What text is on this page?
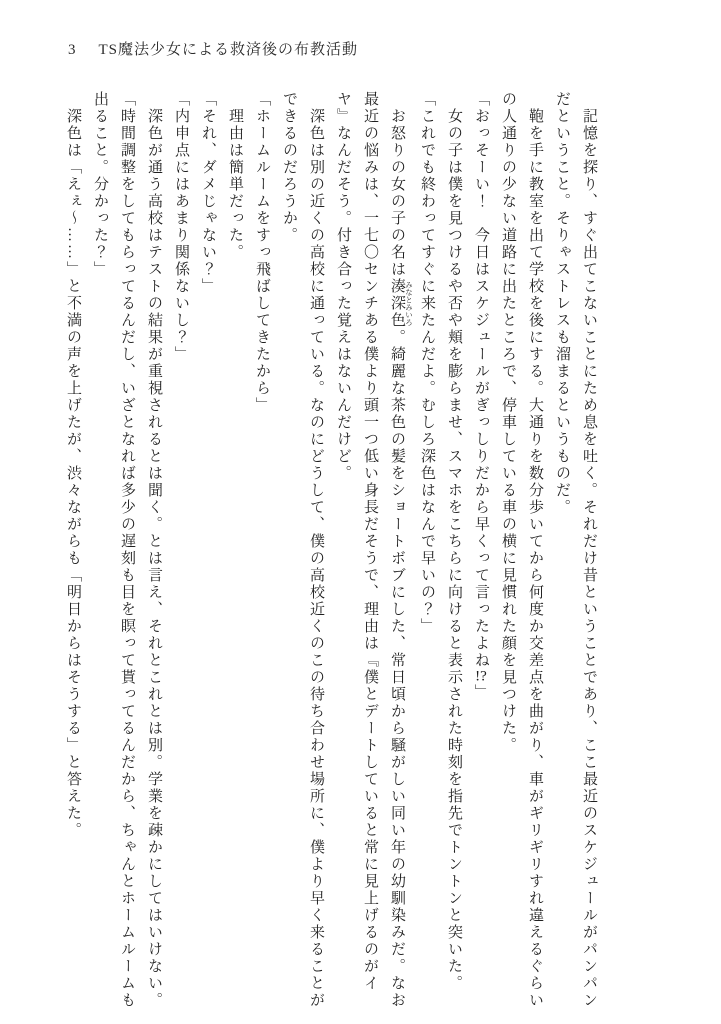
3 TS魔法少女による救済後の布教活動

　記憶を探り、すぐ出てこないことにため息を吐く。それだけ昔ということであり、ここ最近のスケジュールがパンパンだということ。そりゃストレスも溜まるというものだ。

　鞄を手に教室を出て学校を後にする。大通りを数分歩いてから何度か交差点を曲がり、車がギリギリすれ違えるぐらいの人通りの少ない道路に出たところで、停車している車の横に見慣れた顔を見つけた。

「おっそーい！　今日はスケジュールがぎっしりだから早くって言ったよね!?」

　女の子は僕を見つけるや否や頬を膨らませ、スマホをこちらに向けると表示された時刻を指先でトントンと突いた。

「これでも終わってすぐに来たんだよ。むしろ深色はなんで早いの？」

　お怒りの女の子の名は湊深色 みなとみいろ。綺麗な茶色の髪をショートボブにした、常日頃から騒がしい同い年の幼馴染みだ。なお最近の悩みは、一七〇センチある僕より頭一つ低い身長だそうで、理由は『僕とデートしていると常に見上げるのがイヤ』なんだそう。付き合った覚えはないんだけど。

　深色は別の近くの高校に通っている。なのにどうして、僕の高校近くのこの待ち合わせ場所に、僕より早く来ることができるのだろうか。

「ホームルームをすっ飛ばしてきたから」

　理由は簡単だった。

「それ、ダメじゃない？」

「内申点にはあまり関係ないし？」

　深色が通う高校はテストの結果が重視されるとは聞く。とは言え、それとこれとは別。学業を疎かにしてはいけない。

「時間調整をしてもらってるんだし、いざとなれば多少の遅刻も目を瞑って貰ってるんだから、ちゃんとホームルームも出ること。分かった？」

　深色は「えぇ～……」と不満の声を上げたが、渋々ながらも「明日からはそうする」と答えた。
